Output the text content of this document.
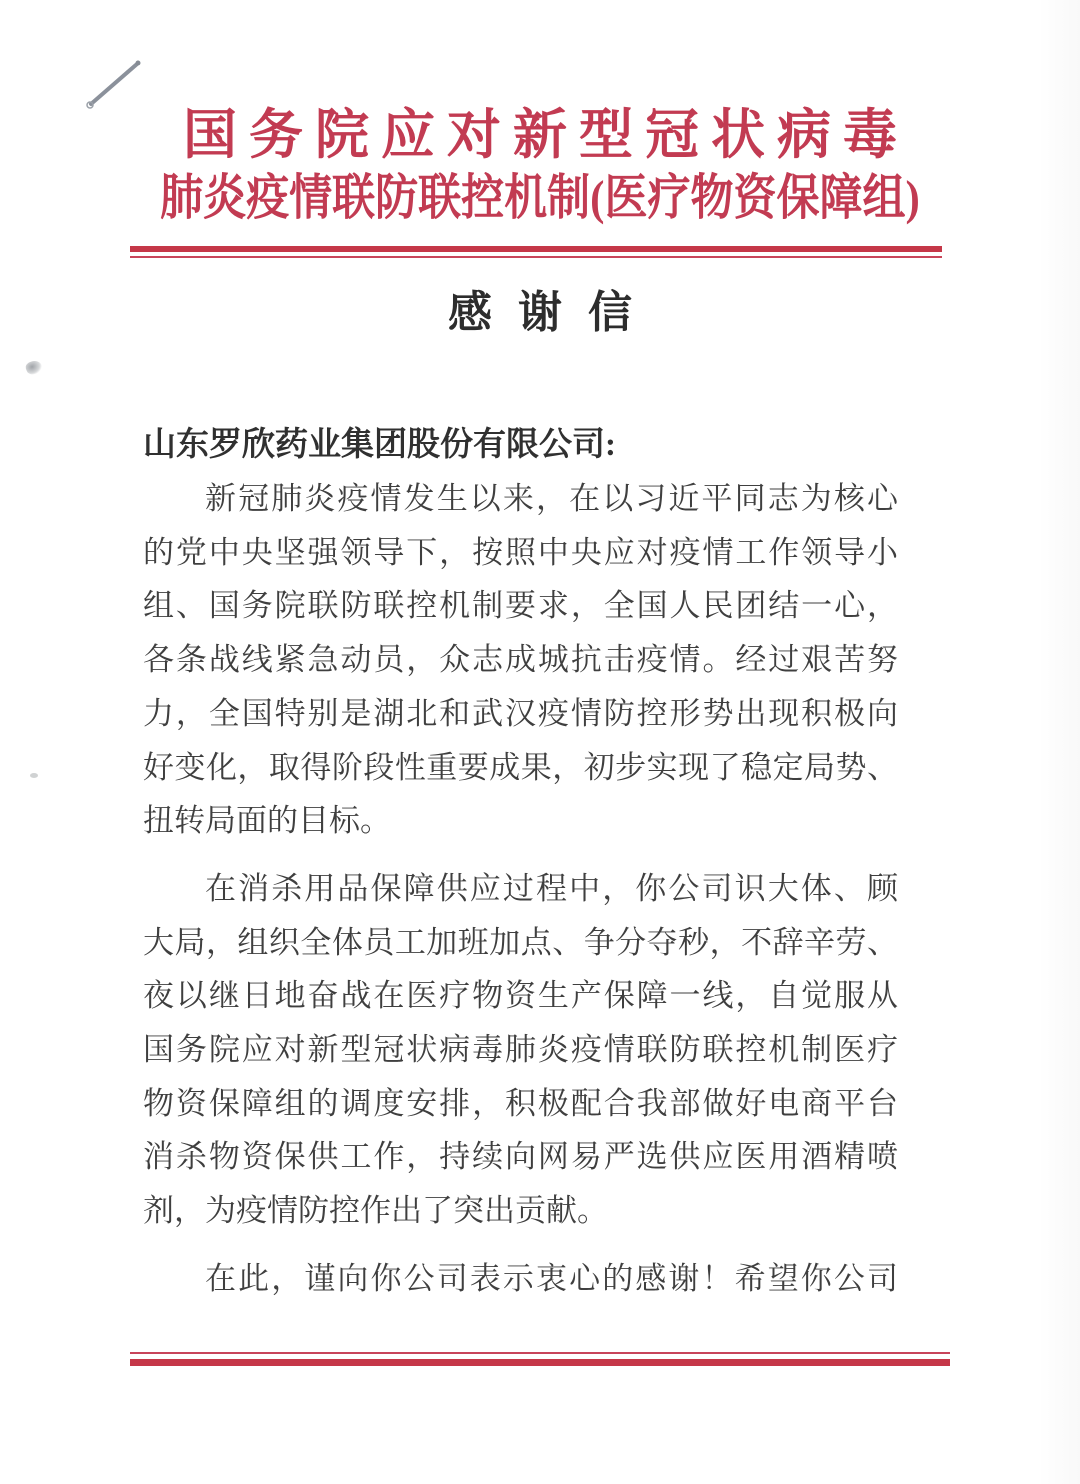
国务院应对新型冠状病毒
肺炎疫情联防联控机制(医疗物资保障组)
感谢信
山东罗欣药业集团股份有限公司:
新冠肺炎疫情发生以来，在以习近平同志为核心
的党中央坚强领导下，按照中央应对疫情工作领导小
组、国务院联防联控机制要求，全国人民团结一心，
各条战线紧急动员，众志成城抗击疫情。经过艰苦努
力，全国特别是湖北和武汉疫情防控形势出现积极向
好变化，取得阶段性重要成果，初步实现了稳定局势、
扭转局面的目标。
在消杀用品保障供应过程中，你公司识大体、顾
大局，组织全体员工加班加点、争分夺秒，不辞辛劳、
夜以继日地奋战在医疗物资生产保障一线，自觉服从
国务院应对新型冠状病毒肺炎疫情联防联控机制医疗
物资保障组的调度安排，积极配合我部做好电商平台
消杀物资保供工作，持续向网易严选供应医用酒精喷
剂，为疫情防控作出了突出贡献。
在此，谨向你公司表示衷心的感谢！希望你公司
